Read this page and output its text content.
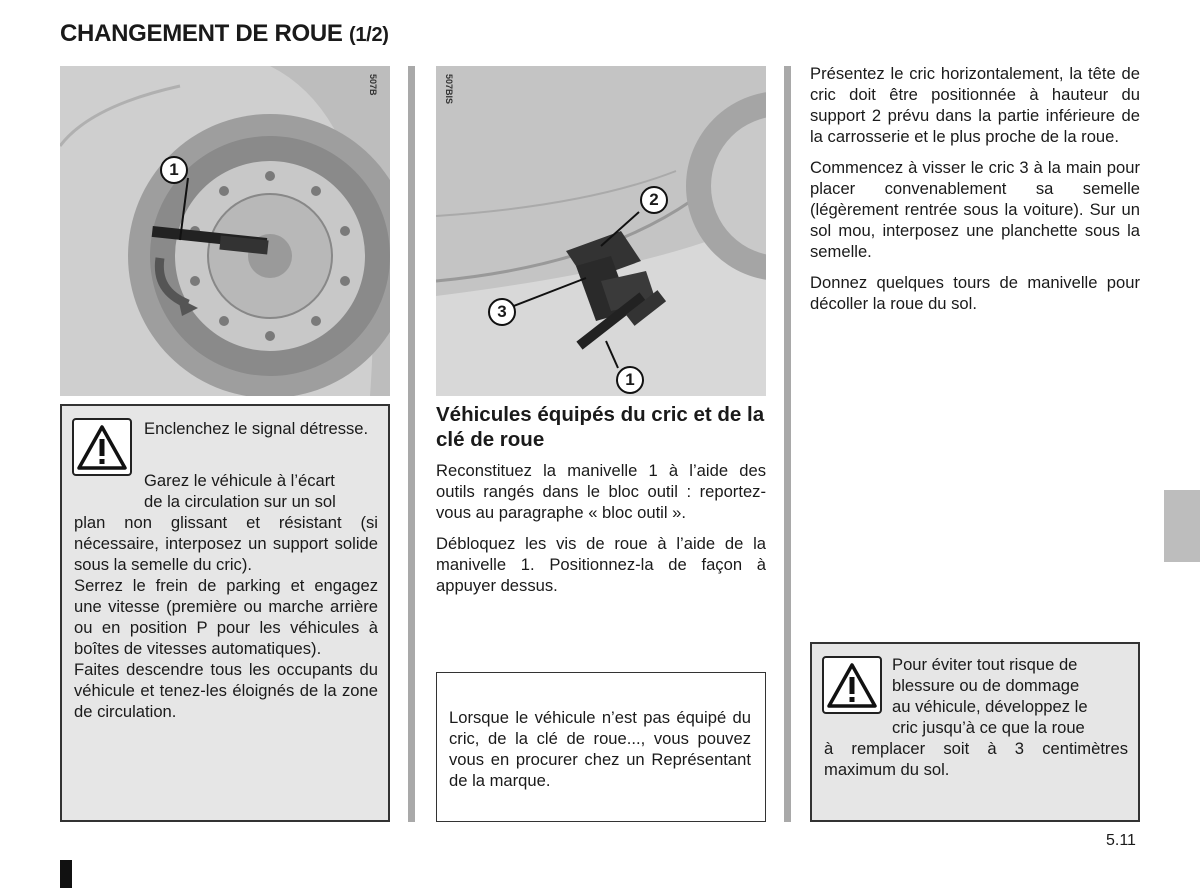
CHANGEMENT DE ROUE (1/2)
1
507B
2
3
1
507ВIS
Enclenchez le signal détresse.
Garez le véhicule à l’écart
de la circulation sur un sol

plan non glissant et résistant (si nécessaire, interposez un support solide sous la semelle du cric).

Serrez le frein de parking et engagez une vitesse (première ou marche arrière ou en position P pour les véhicules à boîtes de vitesses automatiques).

Faites descendre tous les occupants du véhicule et tenez-les éloignés de la zone de circulation.

Véhicules équipés du cric et de la clé de roue

Reconstituez la manivelle 1 à l’aide des outils rangés dans le bloc outil : reportez-vous au paragraphe « bloc outil ».

Débloquez les vis de roue à l’aide de la manivelle 1. Positionnez-la de façon à appuyer dessus.

Lorsque le véhicule n’est pas équipé du cric, de la clé de roue..., vous pouvez vous en procurer chez un Représentant de la marque.

Présentez le cric horizontalement, la tête de cric doit être positionnée à hauteur du support 2 prévu dans la partie inférieure de la carrosserie et le plus proche de la roue.

Commencez à visser le cric 3 à la main pour placer convenablement sa semelle (légèrement rentrée sous la voiture). Sur un sol mou, interposez une planchette sous la semelle.

Donnez quelques tours de manivelle pour décoller la roue du sol.

Pour éviter tout risque de
blessure ou de dommage
au véhicule, développez le
cric jusqu’à ce que la roue
à remplacer soit à 3 centimètres maximum du sol.
5.11
